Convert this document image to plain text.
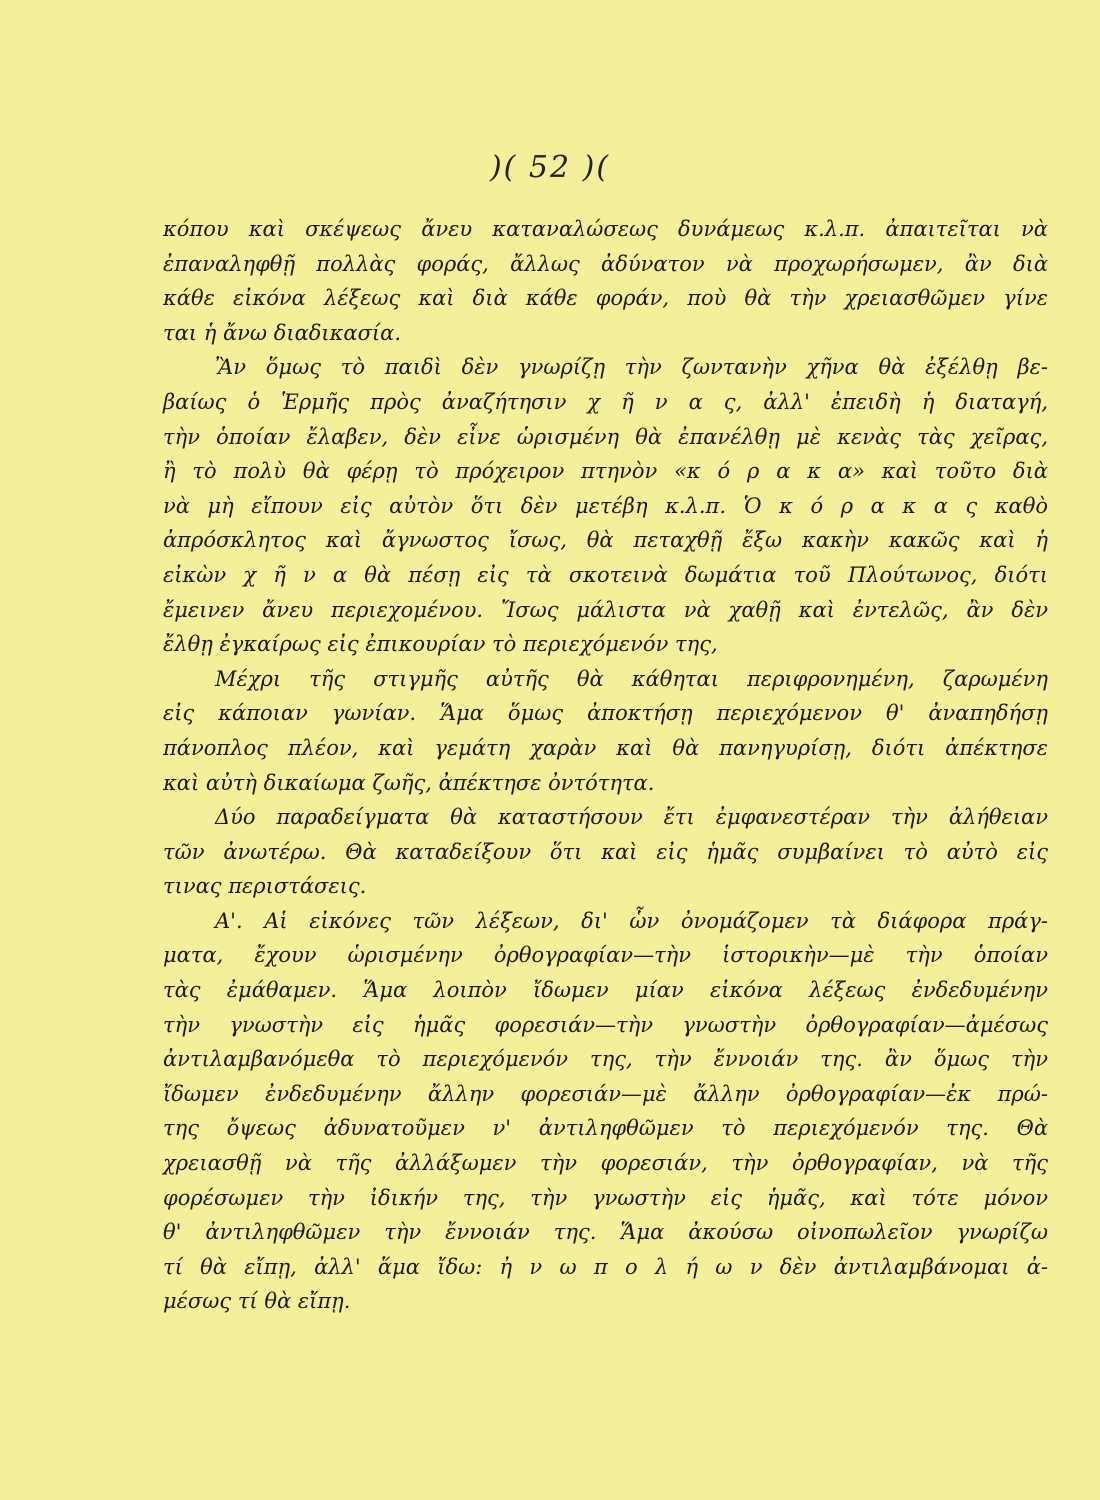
)( 52 )(
κόπου καὶ σκέψεως ἄνευ καταναλώσεως δυνάμεως κ.λ.π. ἀπαιτεῖται νὰ
ἐπαναληφθῇ πολλὰς φοράς, ἄλλως ἀδύνατον νὰ προχωρήσωμεν, ἂν διὰ
κάθε εἰκόνα λέξεως καὶ διὰ κάθε φοράν, ποὺ θὰ τὴν χρειασθῶμεν γίνε
ται ἡ ἄνω διαδικασία.
Ἂν ὅμως τὸ παιδὶ δὲν γνωρίζῃ τὴν ζωντανὴν χῆνα θὰ ἐξέλθῃ βε-
βαίως ὁ Ἑρμῆς πρὸς ἀναζήτησιν χ ῆ ν α ς, ἀλλ' ἐπειδὴ ἡ διαταγή,
τὴν ὁποίαν ἔλαβεν, δὲν εἶνε ὡρισμένη θὰ ἐπανέλθῃ μὲ κενὰς τὰς χεῖρας,
ἢ τὸ πολὺ θὰ φέρῃ τὸ πρόχειρον πτηνὸν «κ ό ρ α κ α» καὶ τοῦτο διὰ
νὰ μὴ εἴπουν εἰς αὐτὸν ὅτι δὲν μετέβη κ.λ.π. Ὁ κ ό ρ α κ α ς καθὸ
ἀπρόσκλητος καὶ ἄγνωστος ἴσως, θὰ πεταχθῇ ἔξω κακὴν κακῶς καὶ ἡ
εἰκὼν χ ῆ ν α θὰ πέσῃ εἰς τὰ σκοτεινὰ δωμάτια τοῦ Πλούτωνος, διότι
ἔμεινεν ἄνευ περιεχομένου. Ἴσως μάλιστα νὰ χαθῇ καὶ ἐντελῶς, ἂν δὲν
ἔλθῃ ἐγκαίρως εἰς ἐπικουρίαν τὸ περιεχόμενόν της,
Μέχρι τῆς στιγμῆς αὐτῆς θὰ κάθηται περιφρονημένη, ζαρωμένη
εἰς κάποιαν γωνίαν. Ἅμα ὅμως ἀποκτήσῃ περιεχόμενον θ' ἀναπηδήσῃ
πάνοπλος πλέον, καὶ γεμάτη χαρὰν καὶ θὰ πανηγυρίσῃ, διότι ἀπέκτησε
καὶ αὐτὴ δικαίωμα ζωῆς, ἀπέκτησε ὀντότητα.
Δύο παραδείγματα θὰ καταστήσουν ἔτι ἐμφανεστέραν τὴν ἀλήθειαν
τῶν ἀνωτέρω. Θὰ καταδείξουν ὅτι καὶ εἰς ἡμᾶς συμβαίνει τὸ αὐτὸ εἰς
τινας περιστάσεις.
Α'. Αἱ εἰκόνες τῶν λέξεων, δι' ὧν ὀνομάζομεν τὰ διάφορα πράγ-
ματα, ἔχουν ὡρισμένην ὀρθογραφίαν—τὴν ἱστορικὴν—μὲ τὴν ὁποίαν
τὰς ἐμάθαμεν. Ἅμα λοιπὸν ἴδωμεν μίαν εἰκόνα λέξεως ἐνδεδυμένην
τὴν γνωστὴν εἰς ἡμᾶς φορεσιάν—τὴν γνωστὴν ὀρθογραφίαν—ἀμέσως
ἀντιλαμβανόμεθα τὸ περιεχόμενόν της, τὴν ἔννοιάν της. ἂν ὅμως τὴν
ἴδωμεν ἐνδεδυμένην ἄλλην φορεσιάν—μὲ ἄλλην ὀρθογραφίαν—ἐκ πρώ-
της ὄψεως ἀδυνατοῦμεν ν' ἀντιληφθῶμεν τὸ περιεχόμενόν της. Θὰ
χρειασθῇ νὰ τῆς ἀλλάξωμεν τὴν φορεσιάν, τὴν ὀρθογραφίαν, νὰ τῆς
φορέσωμεν τὴν ἰδικήν της, τὴν γνωστὴν εἰς ἡμᾶς, καὶ τότε μόνον
θ' ἀντιληφθῶμεν τὴν ἔννοιάν της. Ἅμα ἀκούσω οἰνοπωλεῖον γνωρίζω
τί θὰ εἴπῃ, ἀλλ' ἅμα ἴδω: ἠ ν ω π ο λ ή ω ν δὲν ἀντιλαμβάνομαι ἀ-
μέσως τί θὰ εἴπῃ.
